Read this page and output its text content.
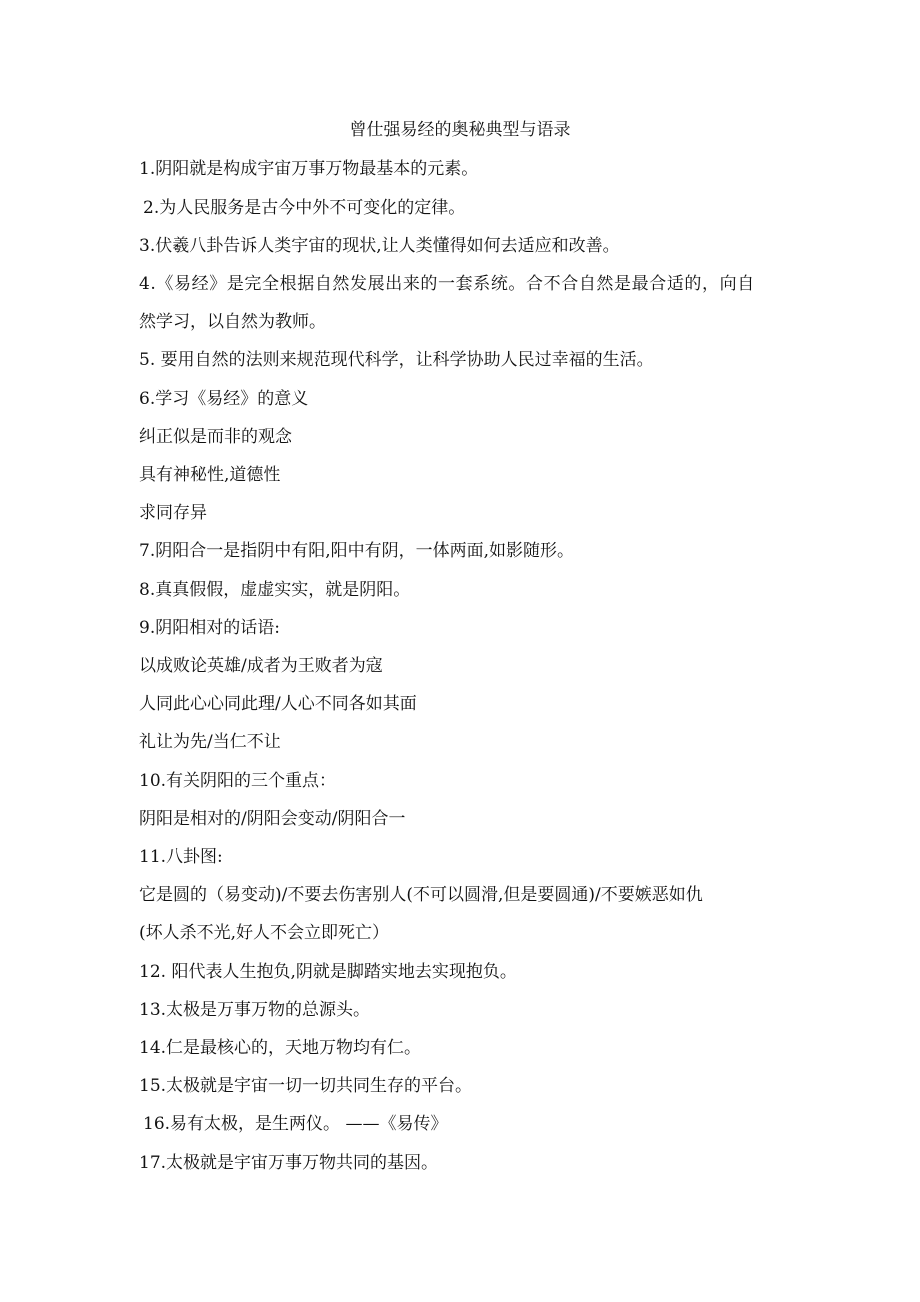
曾仕强易经的奥秘典型与语录
1.阴阳就是构成宇宙万事万物最基本的元素。
2.为人民服务是古今中外不可变化的定律。
3.伏羲八卦告诉人类宇宙的现状,让人类懂得如何去适应和改善。
4.《易经》是完全根据自然发展出来的一套系统。合不合自然是最合适的，向自
然学习，以自然为教师。
5. 要用自然的法则来规范现代科学，让科学协助人民过幸福的生活。
6.学习《易经》的意义
纠正似是而非的观念
具有神秘性,道德性
求同存异
7.阴阳合一是指阴中有阳,阳中有阴，一体两面,如影随形。
8.真真假假，虚虚实实，就是阴阳。
9.阴阳相对的话语:
以成败论英雄/成者为王败者为寇
人同此心心同此理/人心不同各如其面
礼让为先/当仁不让
10.有关阴阳的三个重点：
阴阳是相对的/阴阳会变动/阴阳合一
11.八卦图:
它是圆的（易变动)/不要去伤害别人(不可以圆滑,但是要圆通)/不要嫉恶如仇
(坏人杀不光,好人不会立即死亡）
12. 阳代表人生抱负,阴就是脚踏实地去实现抱负。
13.太极是万事万物的总源头。
14.仁是最核心的，天地万物均有仁。
15.太极就是宇宙一切一切共同生存的平台。
16.易有太极，是生两仪。 ——《易传》
17.太极就是宇宙万事万物共同的基因。
